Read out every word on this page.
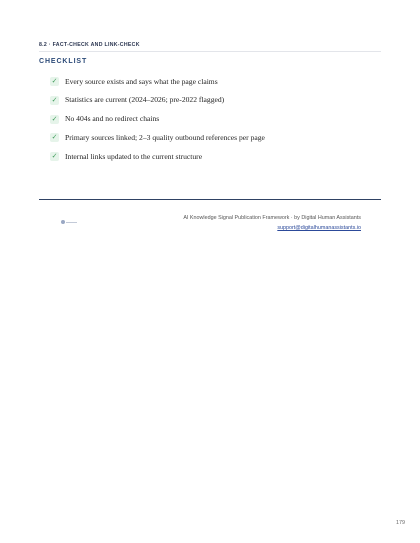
8.2 · FACT-CHECK AND LINK-CHECK
CHECKLIST
✓ Every source exists and says what the page claims
✓ Statistics are current (2024–2026; pre-2022 flagged)
✓ No 404s and no redirect chains
✓ Primary sources linked; 2–3 quality outbound references per page
✓ Internal links updated to the current structure
AI Knowledge Signal Publication Framework · by Digital Human Assistants
support@digitalhumanassistants.io
179
